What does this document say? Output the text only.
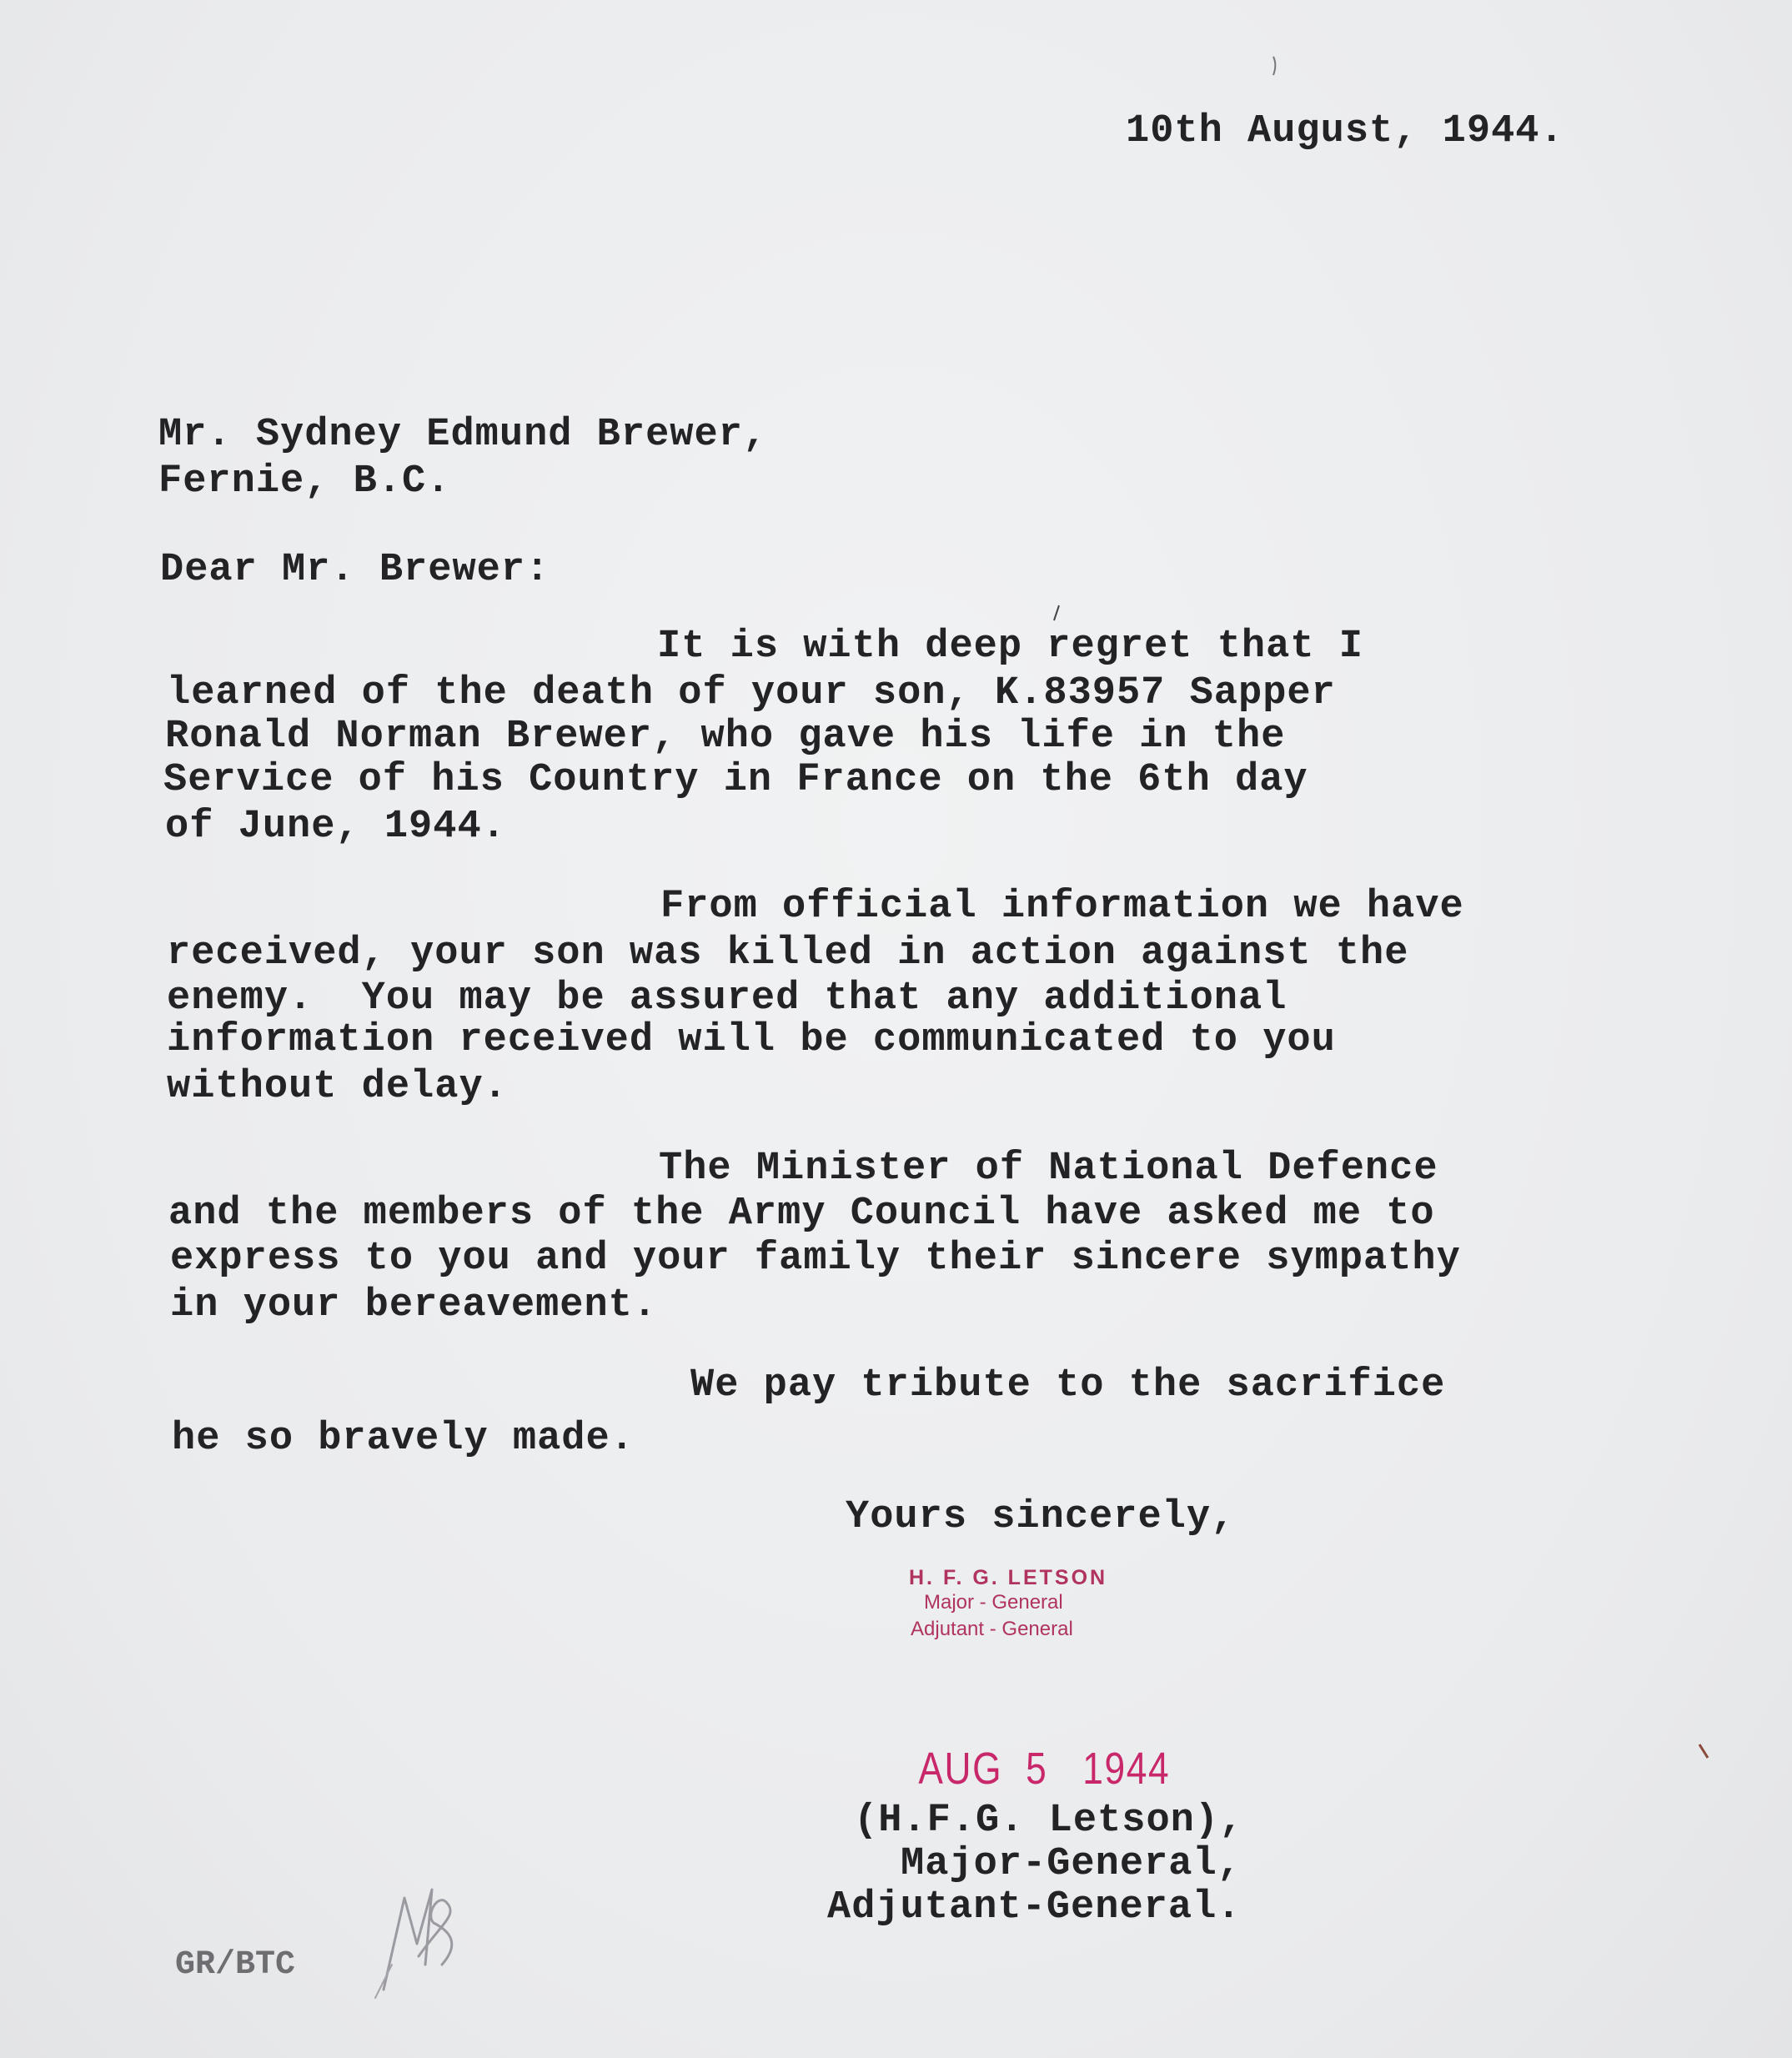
10th August, 1944.
Mr. Sydney Edmund Brewer,
Fernie, B.C.
Dear Mr. Brewer:
It is with deep regret that I
learned of the death of your son, K.83957 Sapper
Ronald Norman Brewer, who gave his life in the
Service of his Country in France on the 6th day
of June, 1944.
From official information we have
received, your son was killed in action against the
enemy.  You may be assured that any additional
information received will be communicated to you
without delay.
The Minister of National Defence
and the members of the Army Council have asked me to
express to you and your family their sincere sympathy
in your bereavement.
We pay tribute to the sacrifice
he so bravely made.
Yours sincerely,
H. F. G. LETSON
Major - General
Adjutant - General

AUG 5 1944

(H.F.G. Letson),
Major-General,
Adjutant-General.
GR/BTC
